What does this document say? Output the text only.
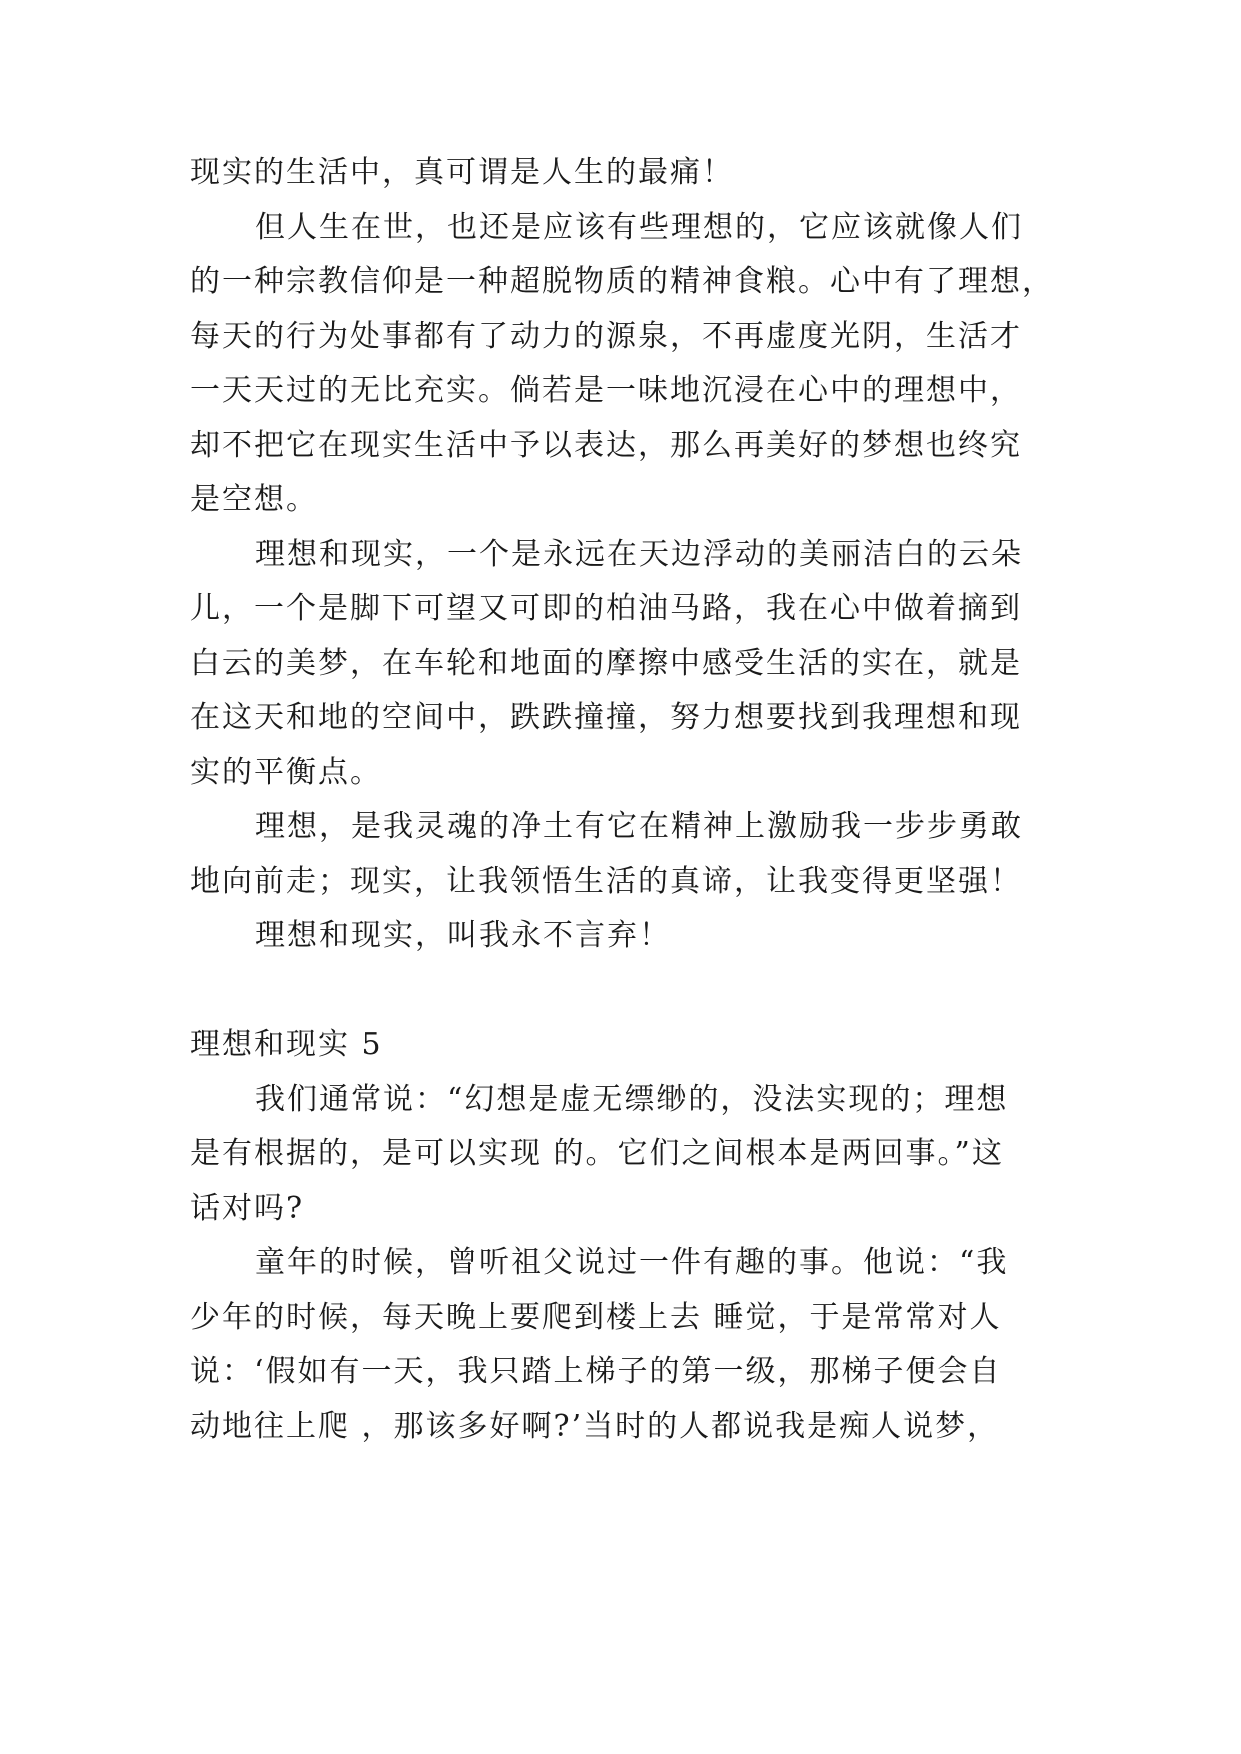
现实的生活中，真可谓是人生的最痛！
但人生在世，也还是应该有些理想的，它应该就像人们
的一种宗教信仰是一种超脱物质的精神食粮。心中有了理想，
每天的行为处事都有了动力的源泉，不再虚度光阴，生活才
一天天过的无比充实。倘若是一味地沉浸在心中的理想中，
却不把它在现实生活中予以表达，那么再美好的梦想也终究
是空想。
理想和现实，一个是永远在天边浮动的美丽洁白的云朵
儿，一个是脚下可望又可即的柏油马路，我在心中做着摘到
白云的美梦，在车轮和地面的摩擦中感受生活的实在，就是
在这天和地的空间中，跌跌撞撞，努力想要找到我理想和现
实的平衡点。
理想，是我灵魂的净土有它在精神上激励我一步步勇敢
地向前走；现实，让我领悟生活的真谛，让我变得更坚强！
理想和现实，叫我永不言弃！
理想和现实 5
我们通常说：“幻想是虚无缥缈的，没法实现的；理想
是有根据的，是可以实现 的。它们之间根本是两回事。”这
话对吗?
童年的时候，曾听祖父说过一件有趣的事。他说：“我
少年的时候，每天晚上要爬到楼上去 睡觉，于是常常对人
说：‘假如有一天，我只踏上梯子的第一级，那梯子便会自
动地往上爬 ，那该多好啊?’当时的人都说我是痴人说梦，
